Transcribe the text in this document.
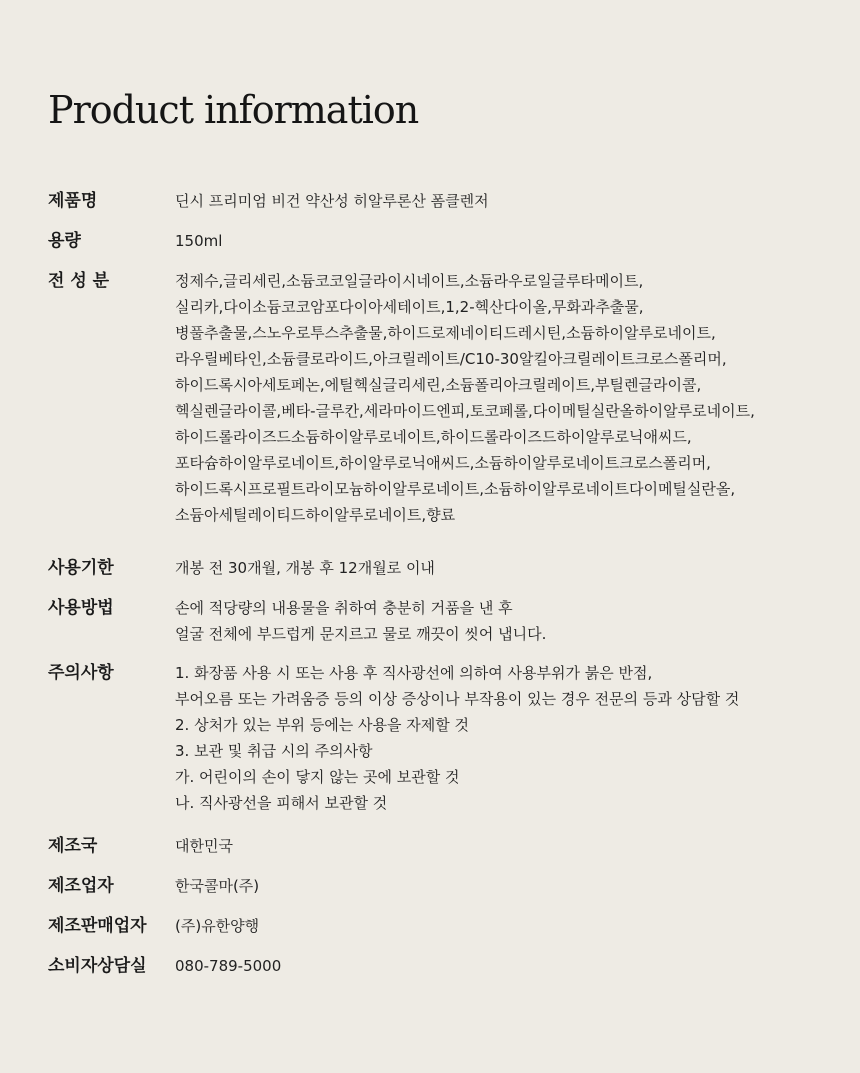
Product information
제품명	딘시 프리미엄 비건 약산성 히알루론산 폼클렌저
용량	150ml
전 성 분	정제수,글리세린,소듐코코일글라이시네이트,소듐라우로일글루타메이트,
실리카,다이소듐코코암포다이아세테이트,1,2-헥산다이올,무화과추출물,
병풀추출물,스노우로투스추출물,하이드로제네이티드레시틴,소듐하이알루로네이트,
라우릴베타인,소듐클로라이드,아크릴레이트/C10-30알킬아크릴레이트크로스폴리머,
하이드록시아세토페논,에틸헥실글리세린,소듐폴리아크릴레이트,부틸렌글라이콜,
헥실렌글라이콜,베타-글루칸,세라마이드엔피,토코페롤,다이메틸실란올하이알루로네이트,
하이드롤라이즈드소듐하이알루로네이트,하이드롤라이즈드하이알루로닉애씨드,
포타슘하이알루로네이트,하이알루로닉애씨드,소듐하이알루로네이트크로스폴리머,
하이드록시프로필트라이모늄하이알루로네이트,소듐하이알루로네이트다이메틸실란올,
소듐아세틸레이티드하이알루로네이트,향료
사용기한	개봉 전 30개월, 개봉 후 12개월로 이내
사용방법	손에 적당량의 내용물을 취하여 충분히 거품을 낸 후
얼굴 전체에 부드럽게 문지르고 물로 깨끗이 씻어 냅니다.
주의사항	1. 화장품 사용 시 또는 사용 후 직사광선에 의하여 사용부위가 붉은 반점,
부어오름 또는 가려움증 등의 이상 증상이나 부작용이 있는 경우 전문의 등과 상담할 것
2. 상처가 있는 부위 등에는 사용을 자제할 것
3. 보관 및 취급 시의 주의사항
가. 어린이의 손이 닿지 않는 곳에 보관할 것
나. 직사광선을 피해서 보관할 것
제조국	대한민국
제조업자	한국콜마(주)
제조판매업자	(주)유한양행
소비자상담실	080-789-5000
